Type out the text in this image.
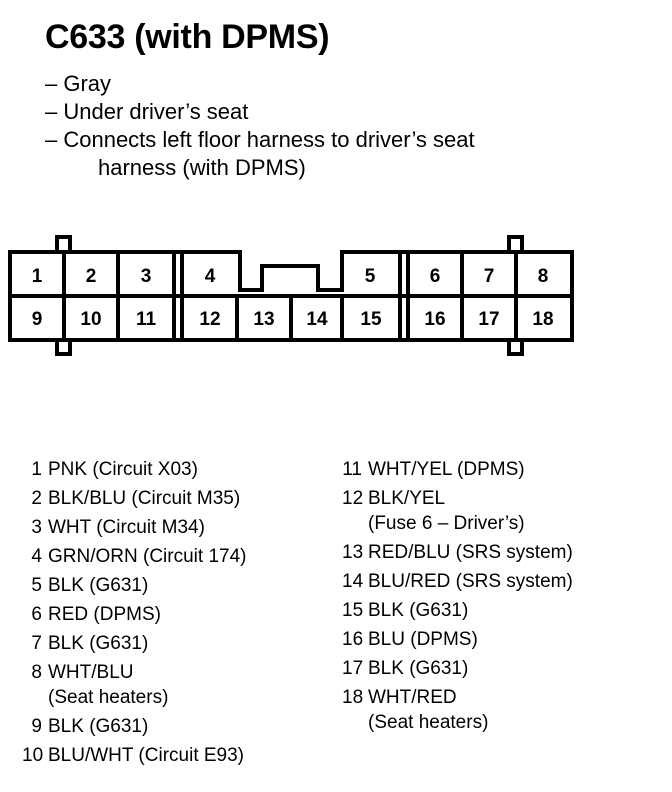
C633 (with DPMS)
– Gray
– Under driver’s seat
– Connects left floor harness to driver’s seat
harness (with DPMS)
1 2 3	4	5	6 7 8
9 10 11 12 13 14 15 16 17 18
1 PNK (Circuit X03)
2 BLK/BLU (Circuit M35)
3 WHT (Circuit M34)
4 GRN/ORN (Circuit 174)
5 BLK (G631)
6 RED (DPMS)
7 BLK (G631)
8 WHT/BLU
(Seat heaters)
9 BLK (G631)
10 BLU/WHT (Circuit E93)
11 WHT/YEL (DPMS)
12 BLK/YEL
(Fuse 6 – Driver’s)
13 RED/BLU (SRS system)
14 BLU/RED (SRS system)
15 BLK (G631)
16 BLU (DPMS)
17 BLK (G631)
18 WHT/RED
(Seat heaters)
